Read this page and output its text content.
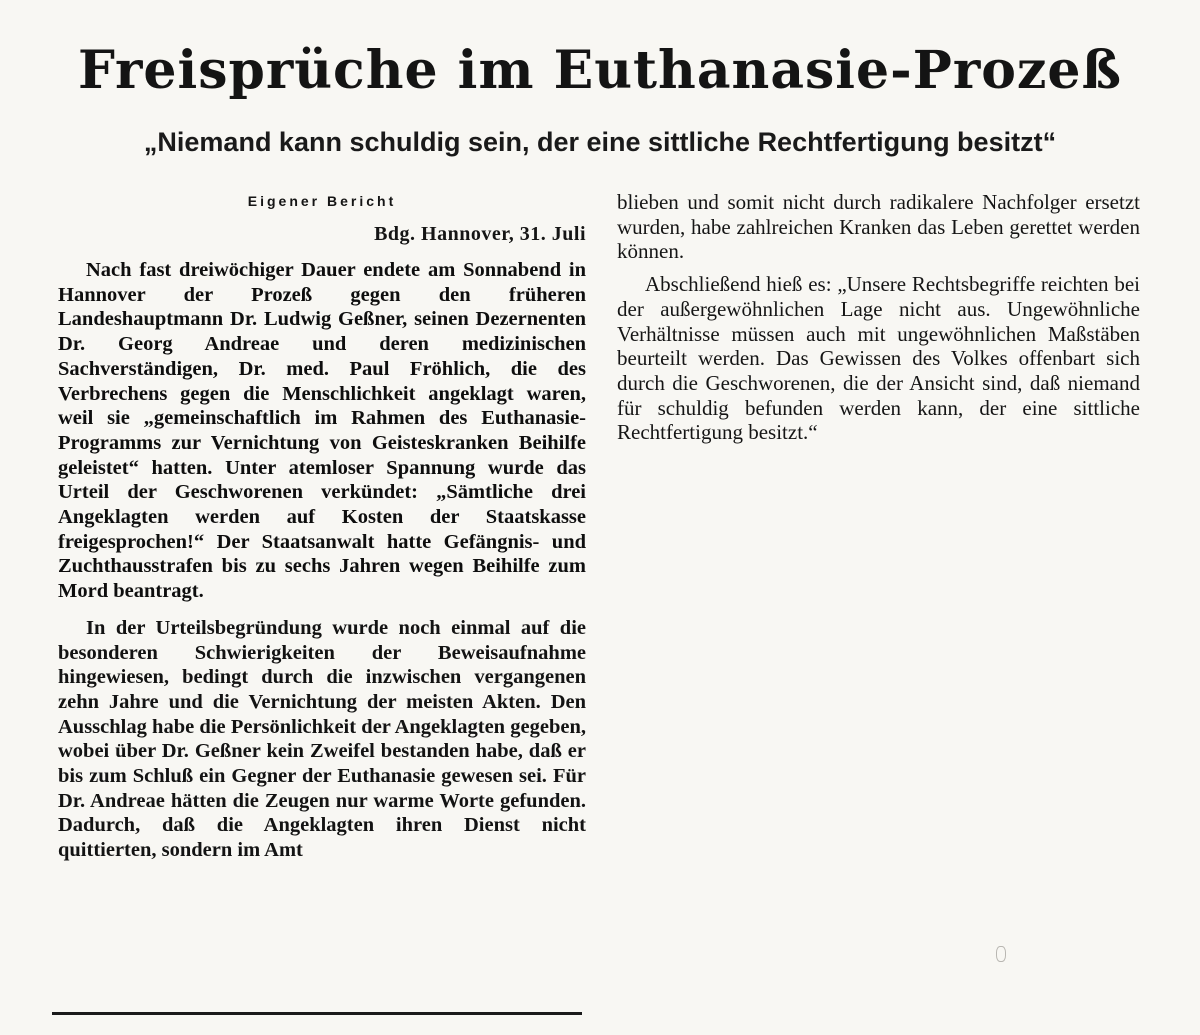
Freisprüche im Euthanasie-Prozeß
„Niemand kann schuldig sein, der eine sittliche Rechtfertigung besitzt“

Eigener Bericht

Bdg. Hannover, 31. Juli

Nach fast dreiwöchiger Dauer endete am Sonnabend in Hannover der Prozeß gegen den früheren Landeshauptmann Dr. Ludwig Geßner, seinen Dezernenten Dr. Georg Andreae und deren medizinischen Sachverständigen, Dr. med. Paul Fröhlich, die des Verbrechens gegen die Menschlichkeit angeklagt waren, weil sie „gemeinschaftlich im Rahmen des Euthanasie-Programms zur Vernichtung von Geisteskranken Beihilfe geleistet“ hatten. Unter atemloser Spannung wurde das Urteil der Geschworenen verkündet: „Sämtliche drei Angeklagten werden auf Kosten der Staatskasse freigesprochen!“ Der Staatsanwalt hatte Gefängnis- und Zuchthausstrafen bis zu sechs Jahren wegen Beihilfe zum Mord beantragt.

In der Urteilsbegründung wurde noch einmal auf die besonderen Schwierigkeiten der Beweisaufnahme hingewiesen, bedingt durch die inzwischen vergangenen zehn Jahre und die Vernichtung der meisten Akten. Den Ausschlag habe die Persönlichkeit der Angeklagten gegeben, wobei über Dr. Geßner kein Zweifel bestanden habe, daß er bis zum Schluß ein Gegner der Euthanasie gewesen sei. Für Dr. Andreae hätten die Zeugen nur warme Worte gefunden. Dadurch, daß die Angeklagten ihren Dienst nicht quittierten, sondern im Amt

blieben und somit nicht durch radikalere Nachfolger ersetzt wurden, habe zahlreichen Kranken das Leben gerettet werden können.

Abschließend hieß es: „Unsere Rechtsbegriffe reichten bei der außergewöhnlichen Lage nicht aus. Ungewöhnliche Verhältnisse müssen auch mit ungewöhnlichen Maßstäben beurteilt werden. Das Gewissen des Volkes offenbart sich durch die Geschworenen, die der Ansicht sind, daß niemand für schuldig befunden werden kann, der eine sittliche Rechtfertigung besitzt.“
